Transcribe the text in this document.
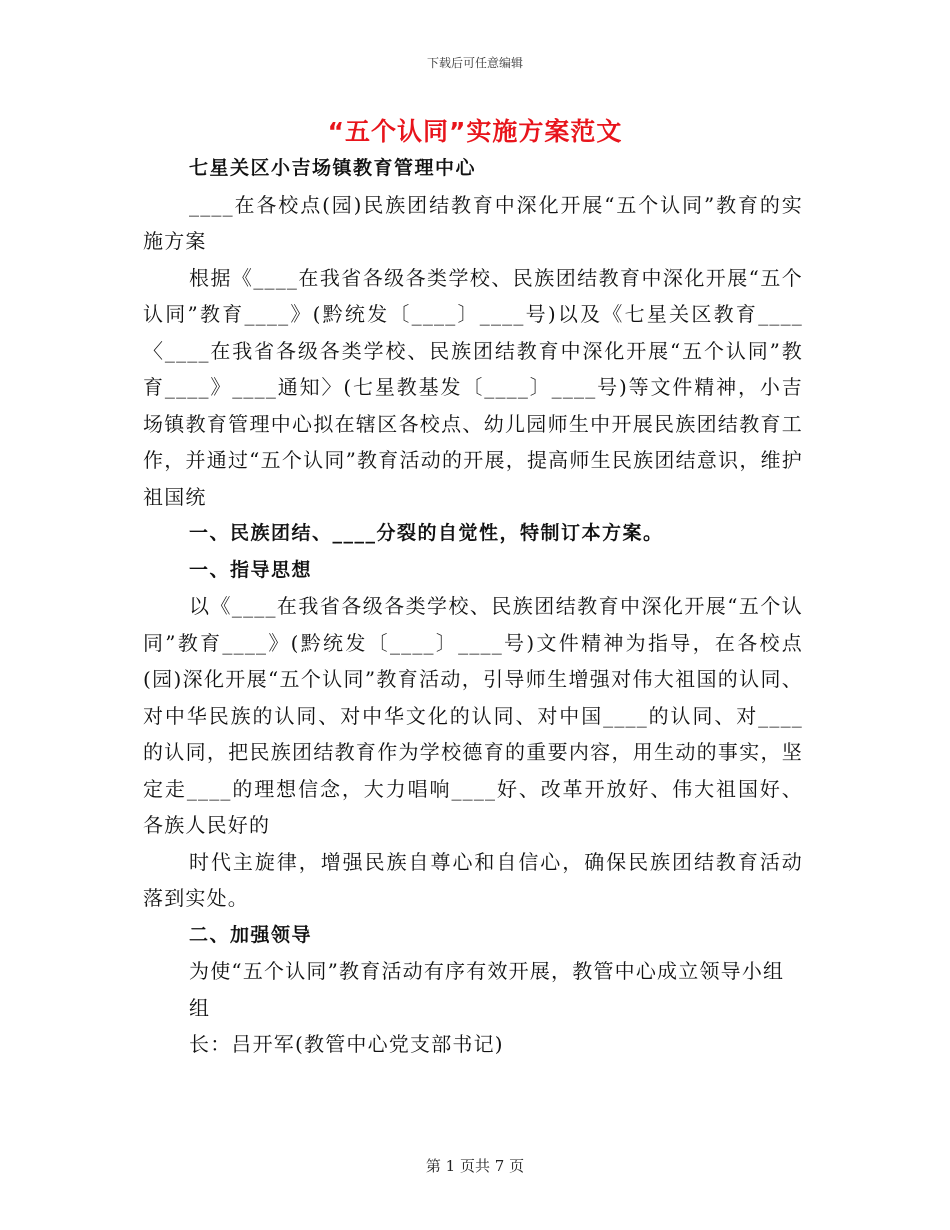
下载后可任意编辑
“五个认同”实施方案范文

七星关区小吉场镇教育管理中心

____在各校点(园)民族团结教育中深化开展“五个认同”教育的实施方案

根据《____在我省各级各类学校、民族团结教育中深化开展“五个认同”教育____》(黔统发〔____〕____号)以及《七星关区教育____〈____在我省各级各类学校、民族团结教育中深化开展“五个认同”教育____》____通知〉(七星教基发〔____〕____号)等文件精神，小吉场镇教育管理中心拟在辖区各校点、幼儿园师生中开展民族团结教育工作，并通过“五个认同”教育活动的开展，提高师生民族团结意识，维护祖国统

一、民族团结、____分裂的自觉性，特制订本方案。

一、指导思想

以《____在我省各级各类学校、民族团结教育中深化开展“五个认同”教育____》(黔统发〔____〕____号)文件精神为指导，在各校点(园)深化开展“五个认同”教育活动，引导师生增强对伟大祖国的认同、对中华民族的认同、对中华文化的认同、对中国____的认同、对____的认同，把民族团结教育作为学校德育的重要内容，用生动的事实，坚定走____的理想信念，大力唱响____好、改革开放好、伟大祖国好、各族人民好的

时代主旋律，增强民族自尊心和自信心，确保民族团结教育活动落到实处。

二、加强领导

为使“五个认同”教育活动有序有效开展，教管中心成立领导小组

组

长：吕开军(教管中心党支部书记)

第 1 页共 7 页
